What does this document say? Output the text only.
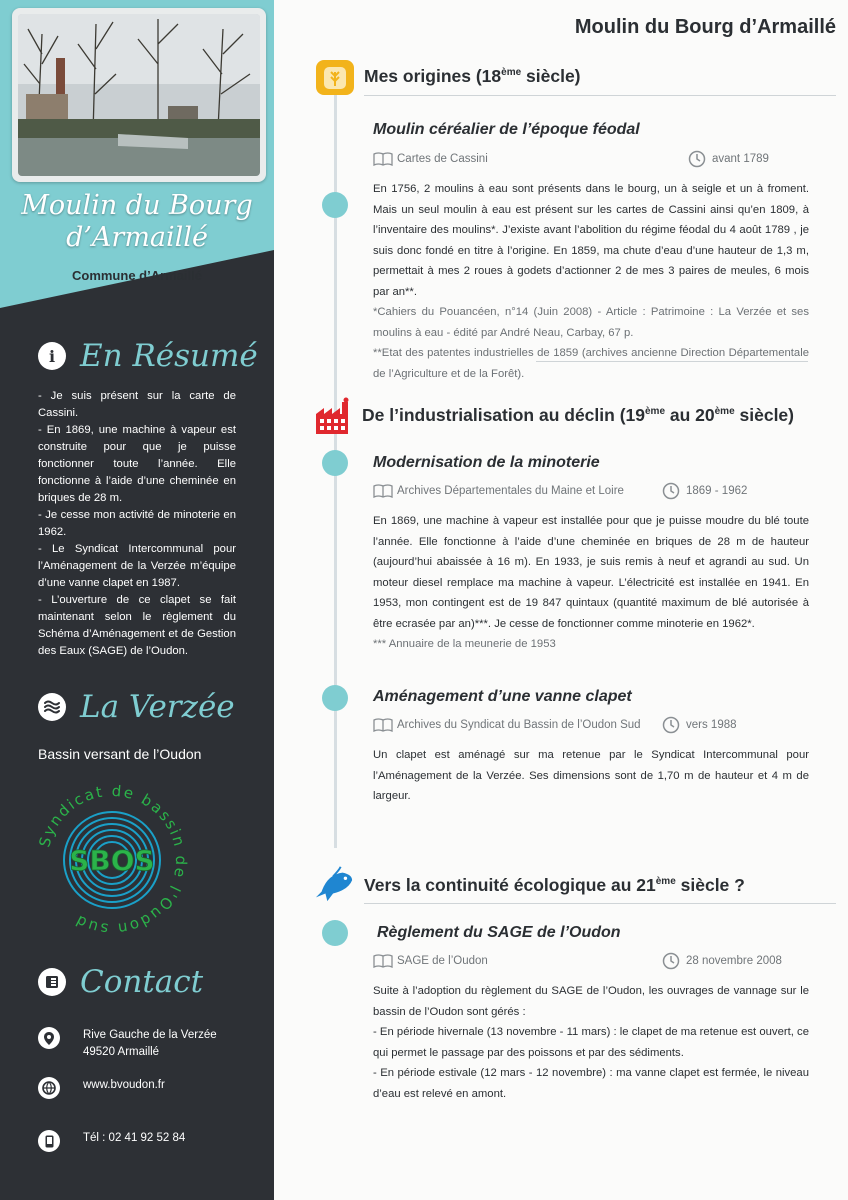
Moulin du Bourg
d’Armaillé
Commune d’Armaillé
i En Résumé

- Je suis présent sur la carte de Cassini.

- En 1869, une machine à vapeur est construite pour que je puisse fonctionner toute l’année. Elle fonctionne à l’aide d’une cheminée en briques de 28 m.

- Je cesse mon activité de minoterie en 1962.

- Le Syndicat Intercommunal pour l’Aménagement de la Verzée m’équipe d’une vanne clapet en 1987.

- L’ouverture de ce clapet se fait maintenant selon le règlement du Schéma d’Aménagement et de Gestion des Eaux (SAGE) de l’Oudon.

La Verzée
Bassin versant de l’Oudon
Syndicat de bassin de l'Oudon sud
SBOS
Contact
Rive Gauche de la Verzée
49520 Armaillé
www.bvoudon.fr
Tél : 02 41 92 52 84
Moulin du Bourg d’Armaillé
Mes origines (18ème siècle)
Moulin céréalier de l’époque féodal
Cartes de Cassini	avant 1789
En 1756, 2 moulins à eau sont présents dans le bourg, un à seigle et un à froment. Mais un seul moulin à eau est présent sur les cartes de Cassini ainsi qu’en 1809, à l’inventaire des moulins*. J’existe avant l’abolition du régime féodal du 4 août 1789 , je suis donc fondé en titre à l’origine. En 1859, ma chute d’eau d’une hauteur de 1,3 m, permettait à mes 2 roues à godets d’actionner 2 de mes 3 paires de meules, 6 mois par an**.
*Cahiers du Pouancéen, n°14 (Juin 2008) - Article : Patrimoine : La Verzée et ses moulins à eau - édité par André Neau, Carbay, 67 p.
**Etat des patentes industrielles de 1859 (archives ancienne Direction Départementale de l’Agriculture et de la Forêt).
De l’industrialisation au déclin (19ème au 20ème siècle)
Modernisation de la minoterie
Archives Départementales du Maine et Loire	1869 - 1962
En 1869, une machine à vapeur est installée pour que je puisse moudre du blé toute l’année. Elle fonctionne à l’aide d’une cheminée en briques de 28 m de hauteur (aujourd’hui abaissée à 16 m). En 1933, je suis remis à neuf et agrandi au sud. Un moteur diesel remplace ma machine à vapeur. L’électricité est installée en 1941. En 1953, mon contingent est de 19 847 quintaux (quantité maximum de blé autorisée à être ecrasée par an)***. Je cesse de fonctionner comme minoterie en 1962*.
*** Annuaire de la meunerie de 1953
Aménagement d’une vanne clapet
Archives du Syndicat du Bassin de l’Oudon Sud	vers 1988
Un clapet est aménagé sur ma retenue par le Syndicat Intercommunal pour l’Aménagement de la Verzée. Ses dimensions sont de 1,70 m de hauteur et 4 m de largeur.
Vers la continuité écologique au 21ème siècle ?
Règlement du SAGE de l’Oudon
SAGE de l’Oudon	28 novembre 2008
Suite à l’adoption du règlement du SAGE de l’Oudon, les ouvrages de vannage sur le bassin de l’Oudon sont gérés :
- En période hivernale (13 novembre - 11 mars) : le clapet de ma retenue est ouvert, ce qui permet le passage par des poissons et par des sédiments.
- En période estivale (12 mars - 12 novembre) : ma vanne clapet est fermée, le niveau d’eau est relevé en amont.
